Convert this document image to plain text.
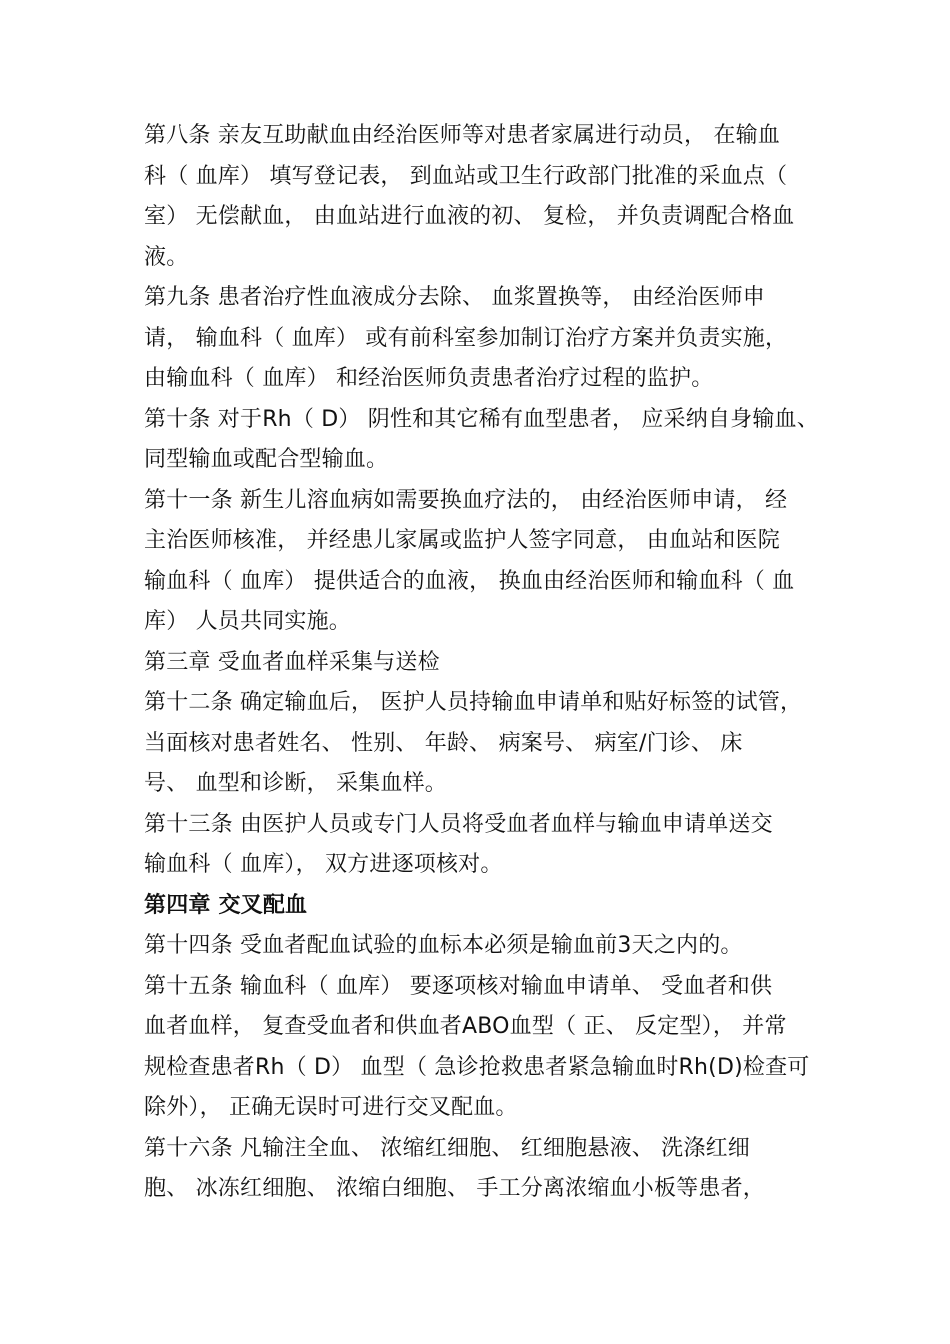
第八条 亲友互助献血由经治医师等对患者家属进行动员， 在输血
科（ 血库） 填写登记表， 到血站或卫生行政部门批准的采血点（
室） 无偿献血， 由血站进行血液的初、 复检， 并负责调配合格血
液。

第九条 患者治疗性血液成分去除、 血浆置换等， 由经治医师申
请， 输血科（ 血库） 或有前科室参加制订治疗方案并负责实施，
由输血科（ 血库） 和经治医师负责患者治疗过程的监护。

第十条 对于Rh（ D） 阴性和其它稀有血型患者， 应采纳自身输血、
同型输血或配合型输血。

第十一条 新生儿溶血病如需要换血疗法的， 由经治医师申请， 经
主治医师核准， 并经患儿家属或监护人签字同意， 由血站和医院
输血科（ 血库） 提供适合的血液， 换血由经治医师和输血科（ 血
库） 人员共同实施。

第三章 受血者血样采集与送检

第十二条 确定输血后， 医护人员持输血申请单和贴好标签的试管，
当面核对患者姓名、 性别、 年龄、 病案号、 病室/门诊、 床
号、 血型和诊断， 采集血样。

第十三条 由医护人员或专门人员将受血者血样与输血申请单送交
输血科（ 血库）， 双方进逐项核对。

第四章 交叉配血

第十四条 受血者配血试验的血标本必须是输血前3天之内的。

第十五条 输血科（ 血库） 要逐项核对输血申请单、 受血者和供
血者血样， 复查受血者和供血者ABO血型（ 正、 反定型）， 并常
规检查患者Rh（ D） 血型（ 急诊抢救患者紧急输血时Rh(D)检查可
除外）， 正确无误时可进行交叉配血。

第十六条 凡输注全血、 浓缩红细胞、 红细胞悬液、 洗涤红细
胞、 冰冻红细胞、 浓缩白细胞、 手工分离浓缩血小板等患者，
